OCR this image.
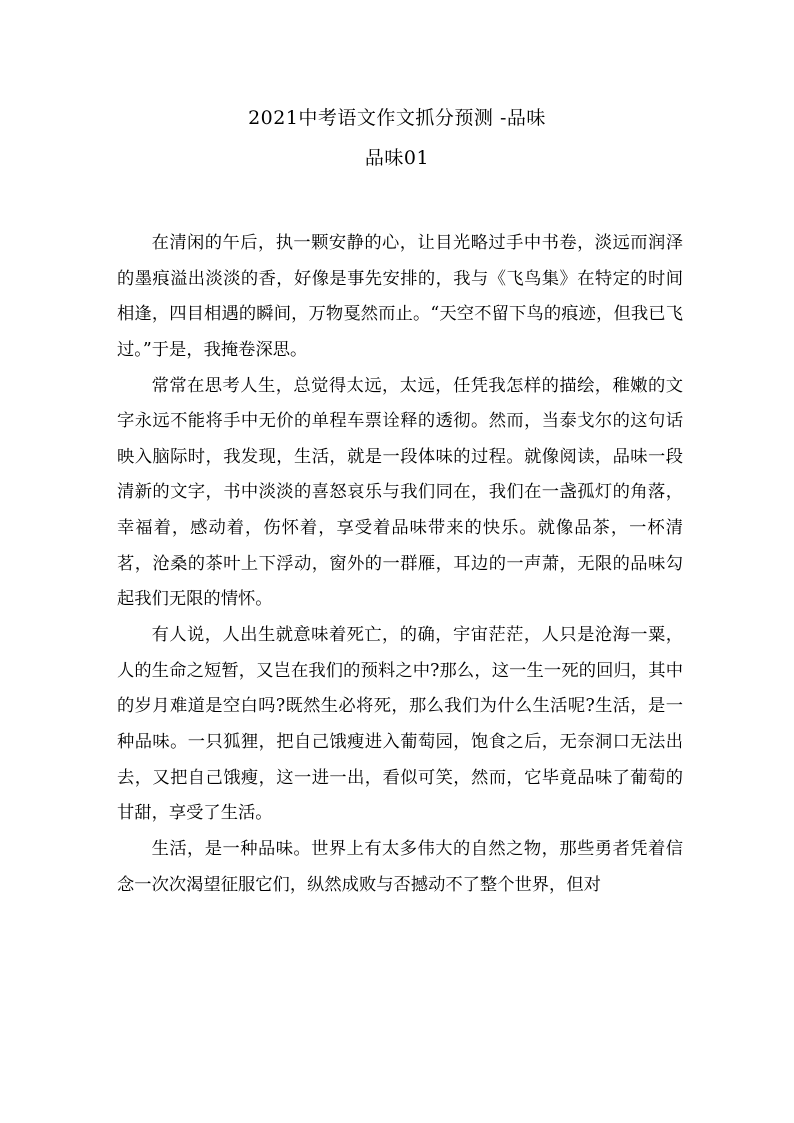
2021中考语文作文抓分预测 -品味
品味01

在清闲的午后，执一颗安静的心，让目光略过手中书卷，淡远而润泽的墨痕溢出淡淡的香，好像是事先安排的，我与《飞鸟集》在特定的时间相逢，四目相遇的瞬间，万物戛然而止。“天空不留下鸟的痕迹，但我已飞过。”于是，我掩卷深思。

常常在思考人生，总觉得太远，太远，任凭我怎样的描绘，稚嫩的文字永远不能将手中无价的单程车票诠释的透彻。然而，当泰戈尔的这句话映入脑际时，我发现，生活，就是一段体味的过程。就像阅读，品味一段清新的文字，书中淡淡的喜怒哀乐与我们同在，我们在一盏孤灯的角落，幸福着，感动着，伤怀着，享受着品味带来的快乐。就像品茶，一杯清茗，沧桑的茶叶上下浮动，窗外的一群雁，耳边的一声萧，无限的品味勾起我们无限的情怀。

有人说，人出生就意味着死亡，的确，宇宙茫茫，人只是沧海一粟，人的生命之短暂，又岂在我们的预料之中?那么，这一生一死的回归，其中的岁月难道是空白吗?既然生必将死，那么我们为什么生活呢?生活，是一种品味。一只狐狸，把自己饿瘦进入葡萄园，饱食之后，无奈洞口无法出去，又把自己饿瘦，这一进一出，看似可笑，然而，它毕竟品味了葡萄的甘甜，享受了生活。

生活，是一种品味。世界上有太多伟大的自然之物，那些勇者凭着信念一次次渴望征服它们，纵然成败与否撼动不了整个世界，但对
